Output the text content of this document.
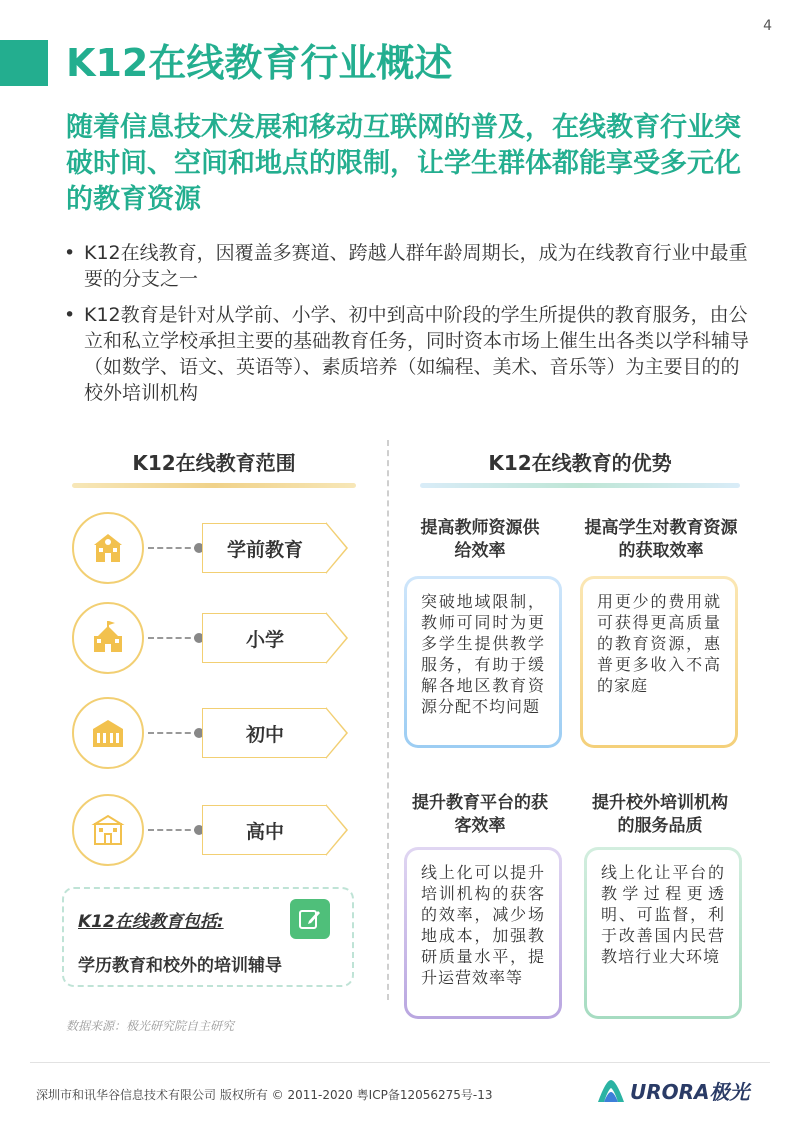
4
K12在线教育行业概述
随着信息技术发展和移动互联网的普及，在线教育行业突破时间、空间和地点的限制，让学生群体都能享受多元化的教育资源
• K12在线教育，因覆盖多赛道、跨越人群年龄周期长，成为在线教育行业中最重要的分支之一
• K12教育是针对从学前、小学、初中到高中阶段的学生所提供的教育服务，由公立和私立学校承担主要的基础教育任务，同时资本市场上催生出各类以学科辅导（如数学、语文、英语等）、素质培养（如编程、美术、音乐等）为主要目的的校外培训机构
K12在线教育范围
学前教育
小学
初中
高中
K12在线教育包括:
学历教育和校外的培训辅导
K12在线教育的优势
提高教师资源供给效率
突破地域限制，教师可同时为更多学生提供教学服务，有助于缓解各地区教育资源分配不均问题
提高学生对教育资源的获取效率
用更少的费用就可获得更高质量的教育资源，惠普更多收入不高的家庭
提升教育平台的获客效率
线上化可以提升培训机构的获客的效率，减少场地成本，加强教研质量水平，提升运营效率等
提升校外培训机构的服务品质
线上化让平台的教学过程更透明、可监督，利于改善国内民营教培行业大环境
数据来源：极光研究院自主研究
深圳市和讯华谷信息技术有限公司 版权所有 © 2011-2020 粤ICP备12056275号-13	URORA极光
